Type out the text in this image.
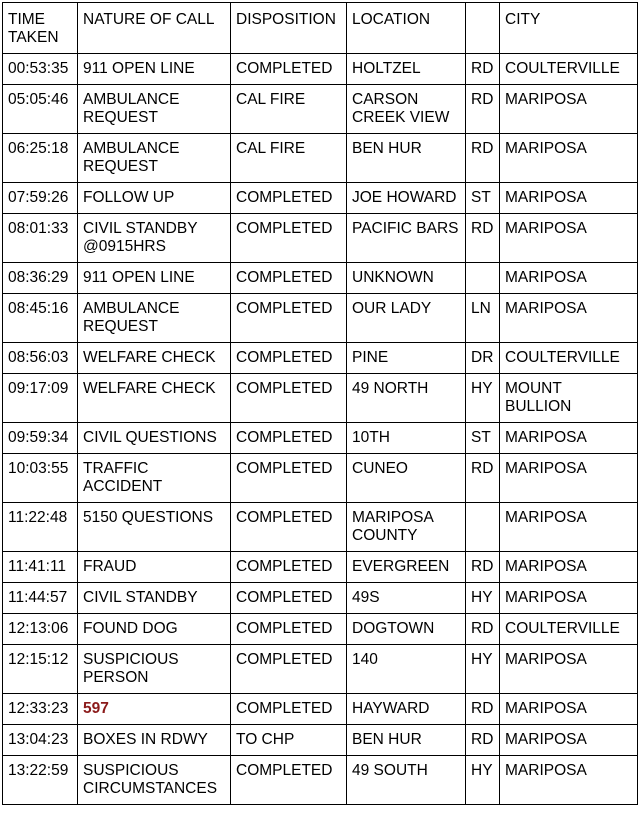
TIME TAKEN	NATURE OF CALL	DISPOSITION	LOCATION		CITY
00:53:35	911 OPEN LINE	COMPLETED	HOLTZEL	RD	COULTERVILLE
05:05:46	AMBULANCE REQUEST	CAL FIRE	CARSON CREEK VIEW	RD	MARIPOSA
06:25:18	AMBULANCE REQUEST	CAL FIRE	BEN HUR	RD	MARIPOSA
07:59:26	FOLLOW UP	COMPLETED	JOE HOWARD	ST	MARIPOSA
08:01:33	CIVIL STANDBY @0915HRS	COMPLETED	PACIFIC BARS	RD	MARIPOSA
08:36:29	911 OPEN LINE	COMPLETED	UNKNOWN		MARIPOSA
08:45:16	AMBULANCE REQUEST	COMPLETED	OUR LADY	LN	MARIPOSA
08:56:03	WELFARE CHECK	COMPLETED	PINE	DR	COULTERVILLE
09:17:09	WELFARE CHECK	COMPLETED	49 NORTH	HY	MOUNT BULLION
09:59:34	CIVIL QUESTIONS	COMPLETED	10TH	ST	MARIPOSA
10:03:55	TRAFFIC ACCIDENT	COMPLETED	CUNEO	RD	MARIPOSA
11:22:48	5150 QUESTIONS	COMPLETED	MARIPOSA COUNTY		MARIPOSA
11:41:11	FRAUD	COMPLETED	EVERGREEN	RD	MARIPOSA
11:44:57	CIVIL STANDBY	COMPLETED	49S	HY	MARIPOSA
12:13:06	FOUND DOG	COMPLETED	DOGTOWN	RD	COULTERVILLE
12:15:12	SUSPICIOUS PERSON	COMPLETED	140	HY	MARIPOSA
12:33:23	597	COMPLETED	HAYWARD	RD	MARIPOSA
13:04:23	BOXES IN RDWY	TO CHP	BEN HUR	RD	MARIPOSA
13:22:59	SUSPICIOUS CIRCUMSTANCES	COMPLETED	49 SOUTH	HY	MARIPOSA
